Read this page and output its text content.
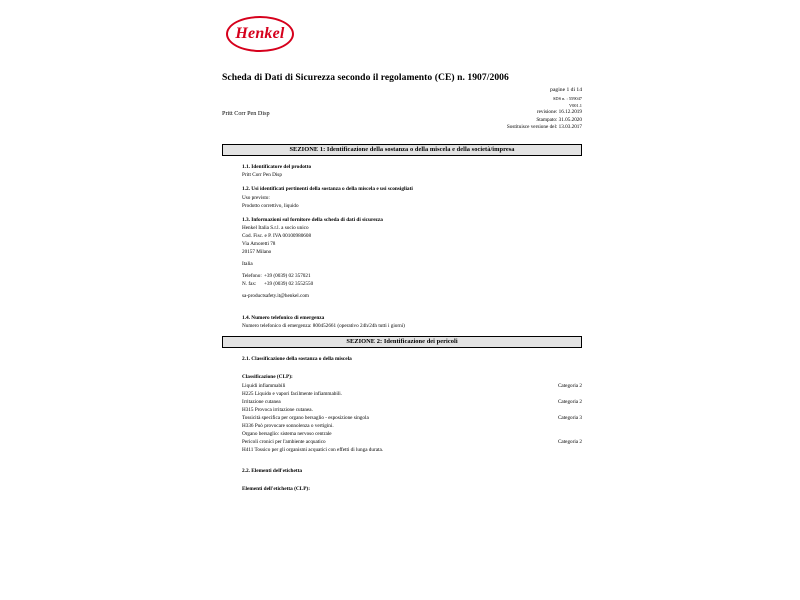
Henkel
Scheda di Dati di Sicurezza secondo il regolamento (CE) n. 1907/2006
pagine 1 di 14
Pritt Corr Pen Disp
SDS n. : 559047
V001.1
revisione: 16.12.2019
Stampato: 31.05.2020
Sostituisce versione del: 13.03.2017
SEZIONE 1: Identificazione della sostanza o della miscela e della società/impresa
1.1. Identificatore del prodotto
Pritt Corr Pen Disp
1.2. Usi identificati pertinenti della sostanza o della miscela e usi sconsigliati
Uso previsto:
Prodotto correttivo, liquido
1.3. Informazioni sul fornitore della scheda di dati di sicurezza
Henkel Italia S.r.l. a socio unico
Cod. Fisc. e P. IVA 00100980608
Via Amoretti 78
20157 Milano
Italia
Telefono: +39 (0039) 02 357021
N. fax:	+39 (0039) 02 3552550
sa-productsafety.it@henkel.com
1.4. Numero telefonico di emergenza
Numero telefonico di emergenza: 800452661 (operativo 24h/24h tutti i giorni)
SEZIONE 2: Identificazione dei pericoli
2.1. Classificazione della sostanza o della miscela
Classificazione (CLP):
Liquidi infiammabili	Categoria 2
H225 Liquido e vapori facilmente infiammabili.
Irritazione cutanea	Categoria 2
H315 Provoca irritazione cutanea.
Tossicità specifica per organo bersaglio - esposizione singola	Categoria 3
H336 Può provocare sonnolenza o vertigini.
Organo bersaglio: sistema nervoso centrale
Pericoli cronici per l'ambiente acquatico	Categoria 2
H411 Tossico per gli organismi acquatici con effetti di lunga durata.
2.2. Elementi dell'etichetta
Elementi dell'etichetta (CLP):
